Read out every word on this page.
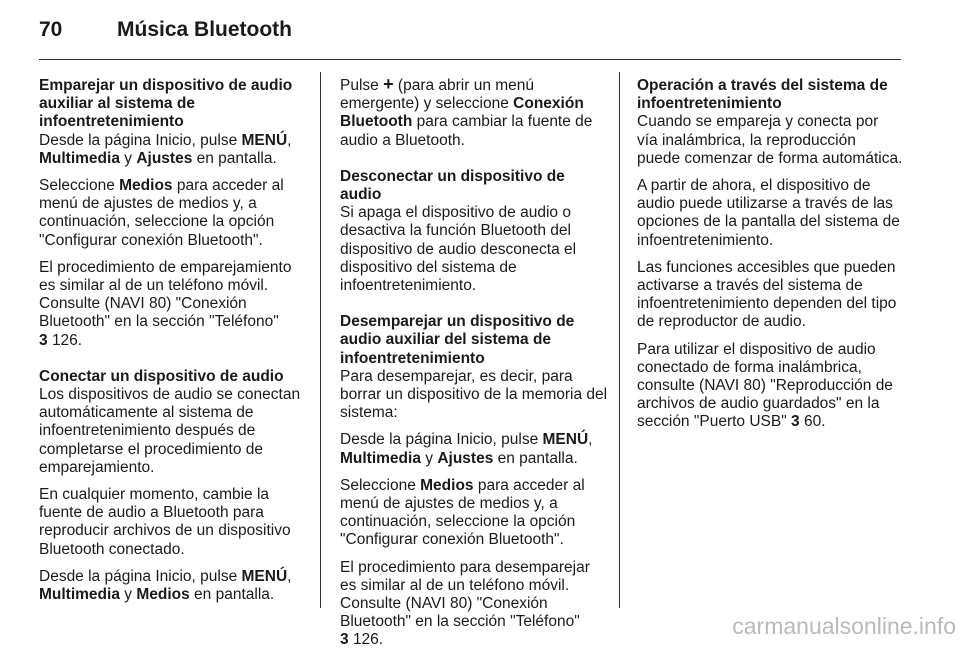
70	Música Bluetooth
Emparejar un dispositivo de audio auxiliar al sistema de infoentretenimiento

Desde la página Inicio, pulse MENÚ, Multimedia y Ajustes en pantalla.

Seleccione Medios para acceder al menú de ajustes de medios y, a continuación, seleccione la opción "Configurar conexión Bluetooth".

El procedimiento de emparejamiento es similar al de un teléfono móvil. Consulte (NAVI 80) "Conexión Bluetooth" en la sección "Teléfono"
3 126.

Conectar un dispositivo de audio

Los dispositivos de audio se conectan automáticamente al sistema de infoentretenimiento después de completarse el procedimiento de emparejamiento.

En cualquier momento, cambie la fuente de audio a Bluetooth para reproducir archivos de un dispositivo Bluetooth conectado.

Desde la página Inicio, pulse MENÚ, Multimedia y Medios en pantalla.

Pulse + (para abrir un menú emergente) y seleccione Conexión Bluetooth para cambiar la fuente de audio a Bluetooth.

Desconectar un dispositivo de audio

Si apaga el dispositivo de audio o desactiva la función Bluetooth del dispositivo de audio desconecta el dispositivo del sistema de infoentretenimiento.

Desemparejar un dispositivo de audio auxiliar del sistema de infoentretenimiento

Para desemparejar, es decir, para borrar un dispositivo de la memoria del sistema:

Desde la página Inicio, pulse MENÚ, Multimedia y Ajustes en pantalla.

Seleccione Medios para acceder al menú de ajustes de medios y, a continuación, seleccione la opción "Configurar conexión Bluetooth".

El procedimiento para desemparejar es similar al de un teléfono móvil. Consulte (NAVI 80) "Conexión Bluetooth" en la sección "Teléfono"
3 126.

Operación a través del sistema de infoentretenimiento

Cuando se empareja y conecta por vía inalámbrica, la reproducción puede comenzar de forma automática.

A partir de ahora, el dispositivo de audio puede utilizarse a través de las opciones de la pantalla del sistema de infoentretenimiento.

Las funciones accesibles que pueden activarse a través del sistema de infoentretenimiento dependen del tipo de reproductor de audio.

Para utilizar el dispositivo de audio conectado de forma inalámbrica, consulte (NAVI 80) "Reproducción de archivos de audio guardados" en la sección "Puerto USB" 3 60.

carmanualsonline.info
